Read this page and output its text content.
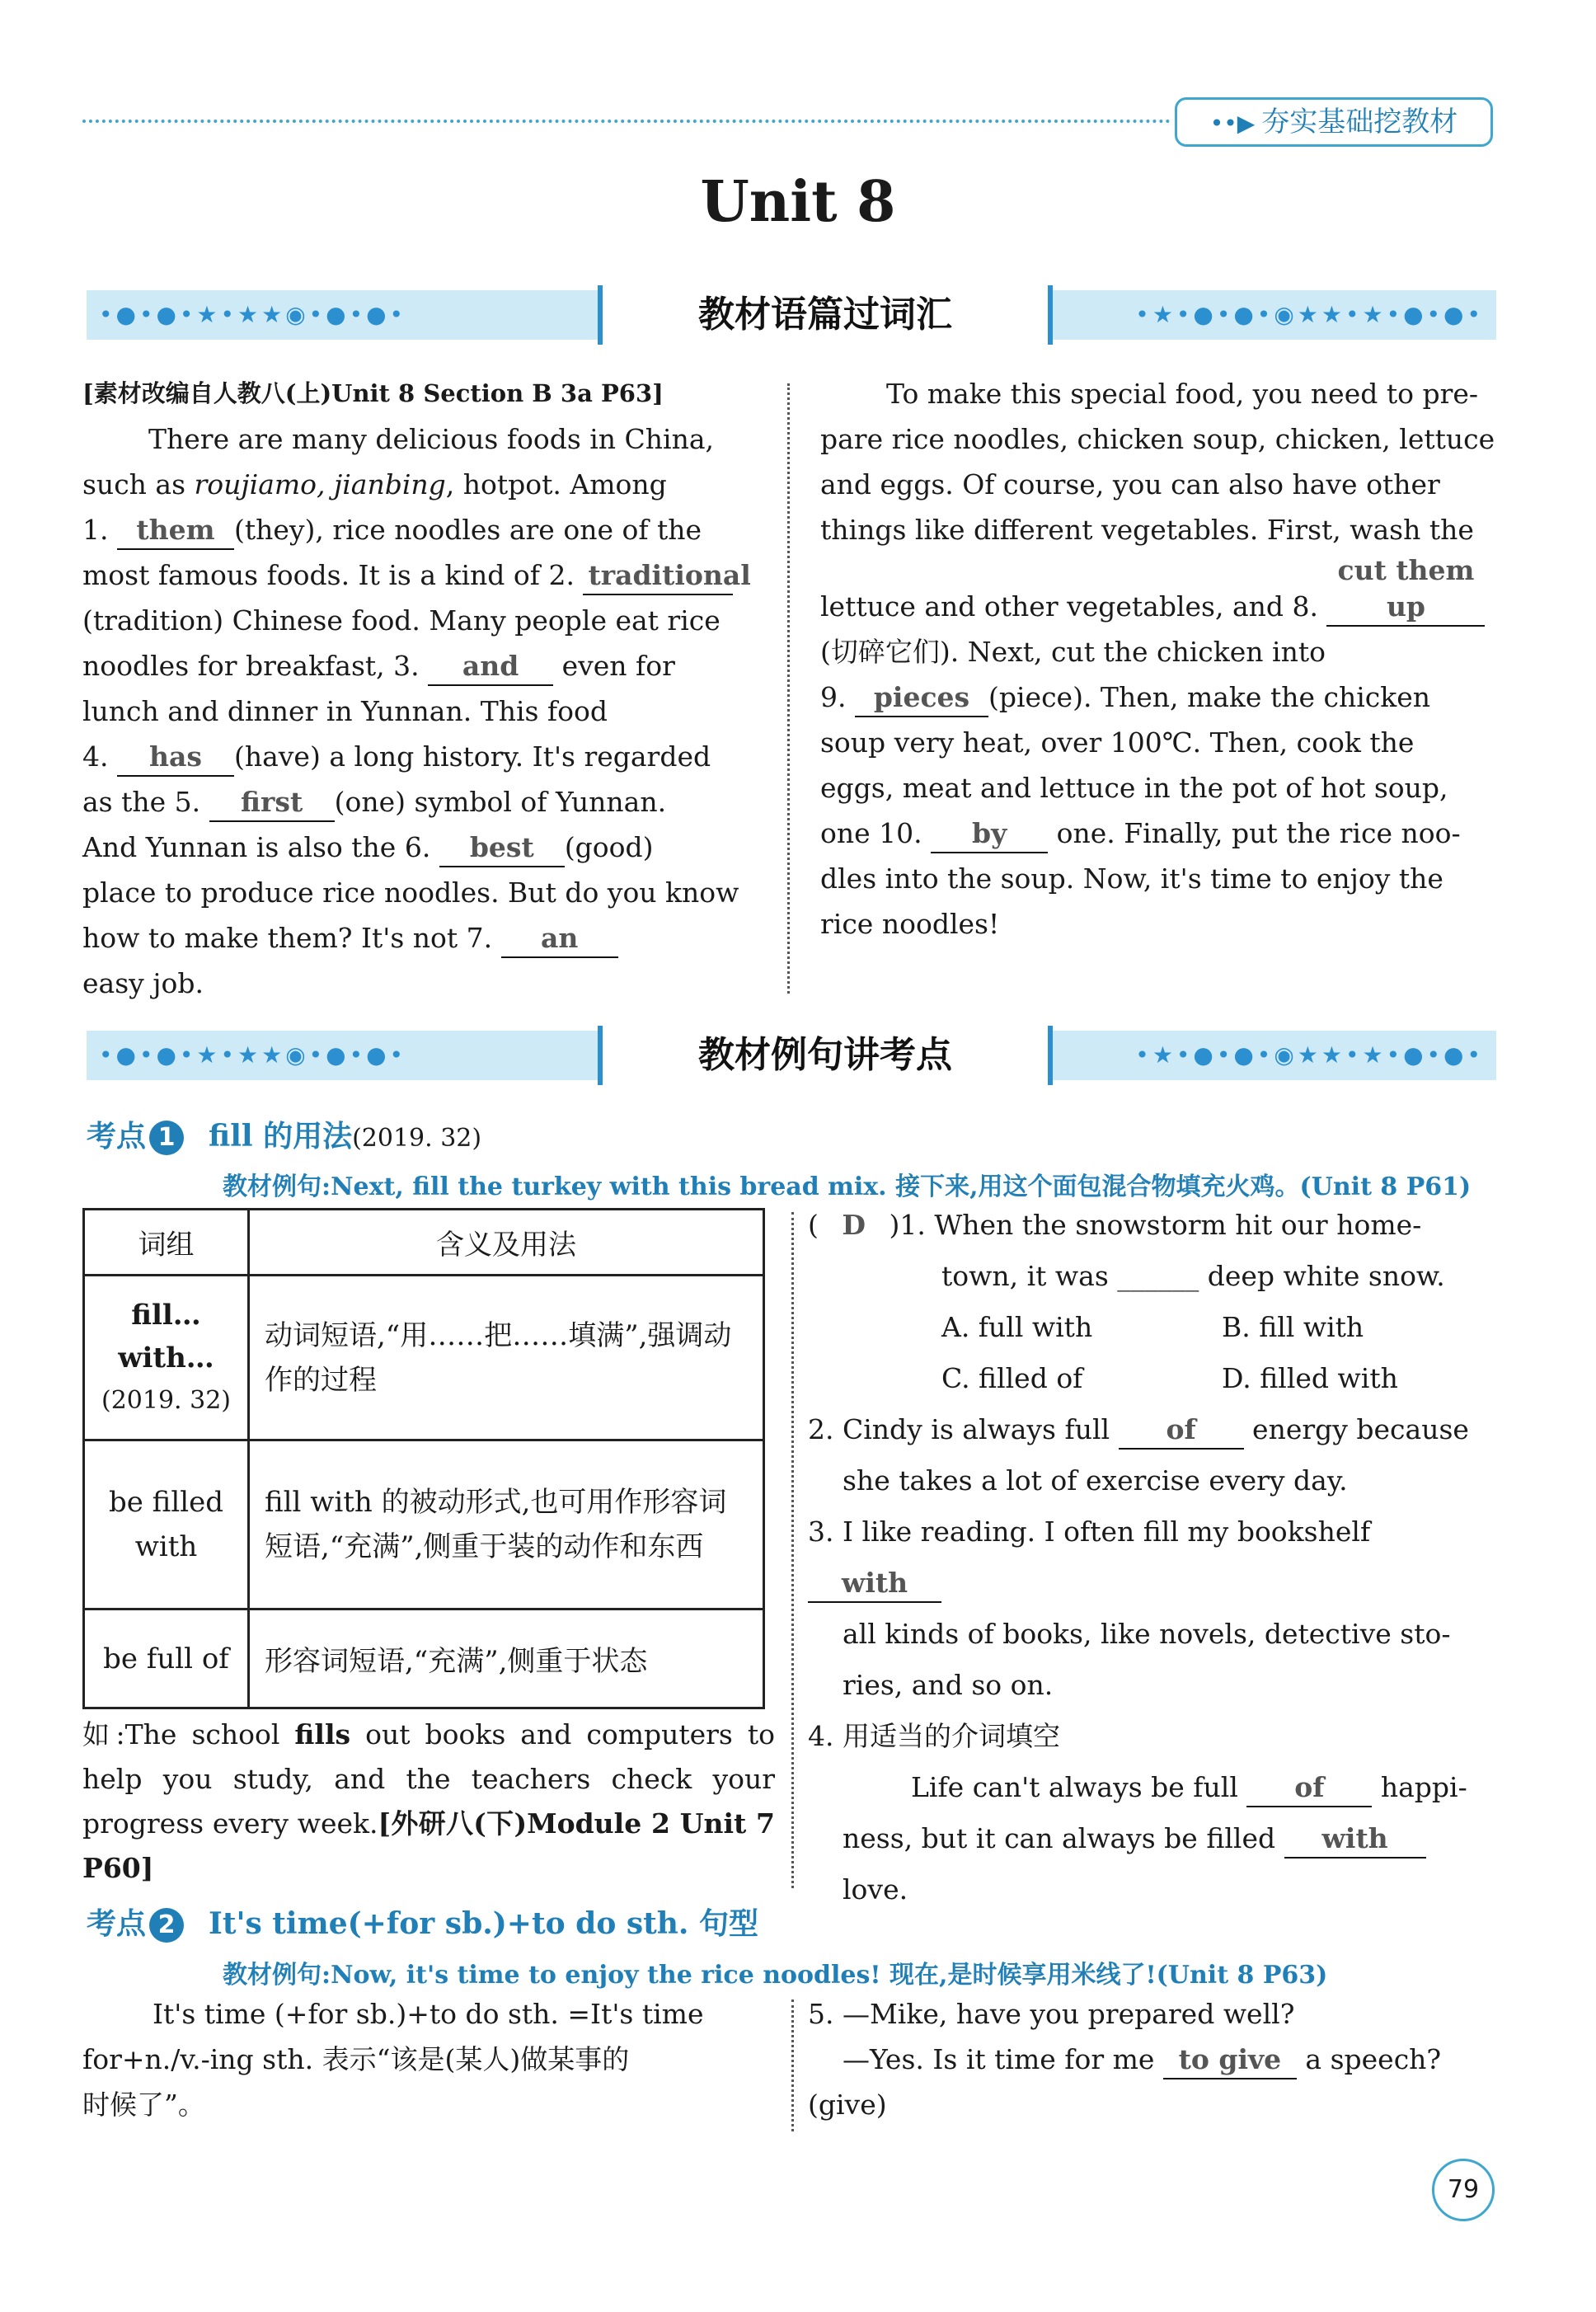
••▶ 夯实基础挖教材
Unit 8
•●•●•★•★★◉•●•●•	教材语篇过词汇	•★•●•●•◉★★•★•●•●•
[素材改编自人教八(上)Unit 8 Section B 3a P63]
There are many delicious foods in China,
such as roujiamo, jianbing, hotpot. Among
1. them (they), rice noodles are one of the
most famous foods. It is a kind of 2. traditional
(tradition) Chinese food. Many people eat rice
noodles for breakfast, 3. and even for
lunch and dinner in Yunnan. This food
4. has (have) a long history. It's regarded
as the 5. first (one) symbol of Yunnan.
And Yunnan is also the 6. best (good)
place to produce rice noodles. But do you know
how to make them? It's not 7. an
easy job.
To make this special food, you need to pre-
pare rice noodles, chicken soup, chicken, lettuce
and eggs. Of course, you can also have other
things like different vegetables. First, wash the
lettuce and other vegetables, and 8. cut them up
(切碎它们). Next, cut the chicken into
9. pieces (piece). Then, make the chicken
soup very heat, over 100℃. Then, cook the
eggs, meat and lettuce in the pot of hot soup,
one 10. by one. Finally, put the rice noo-
dles into the soup. Now, it's time to enjoy the
rice noodles!
•●•●•★•★★◉•●•●•	教材例句讲考点	•★•●•●•◉★★•★•●•●•
考点 1 fill 的用法(2019. 32)
教材例句:Next, fill the turkey with this bread mix. 接下来,用这个面包混合物填充火鸡。(Unit 8 P61)
词组	含义及用法

fill…
with…
(2019. 32)	动词短语,“用……把……填满”,强调动作的过程

be filled
with	fill with 的被动形式,也可用作形容词短语,“充满”,侧重于装的动作和东西
be full of	形容词短语,“充满”,侧重于状态
如:The school fills out books and computers to help you study, and the teachers check your progress every week.[外研八(下)Module 2 Unit 7 P60]
( D )1. When the snowstorm hit our home-
town, it was ______ deep white snow.
A. full with	B. fill with
C. filled of	D. filled with
2. Cindy is always full of energy because
she takes a lot of exercise every day.
3. I like reading. I often fill my bookshelf with
all kinds of books, like novels, detective sto-
ries, and so on.
4. 用适当的介词填空
Life can't always be full of happi-
ness, but it can always be filled with
love.
考点 2 It's time(+for sb.)+to do sth. 句型
教材例句:Now, it's time to enjoy the rice noodles! 现在,是时候享用米线了!(Unit 8 P63)
It's time (+for sb.)+to do sth. =It's time
for+n./v.-ing sth. 表示“该是(某人)做某事的
时候了”。
5. —Mike, have you prepared well?
—Yes. Is it time for me to give a speech?
(give)
79
